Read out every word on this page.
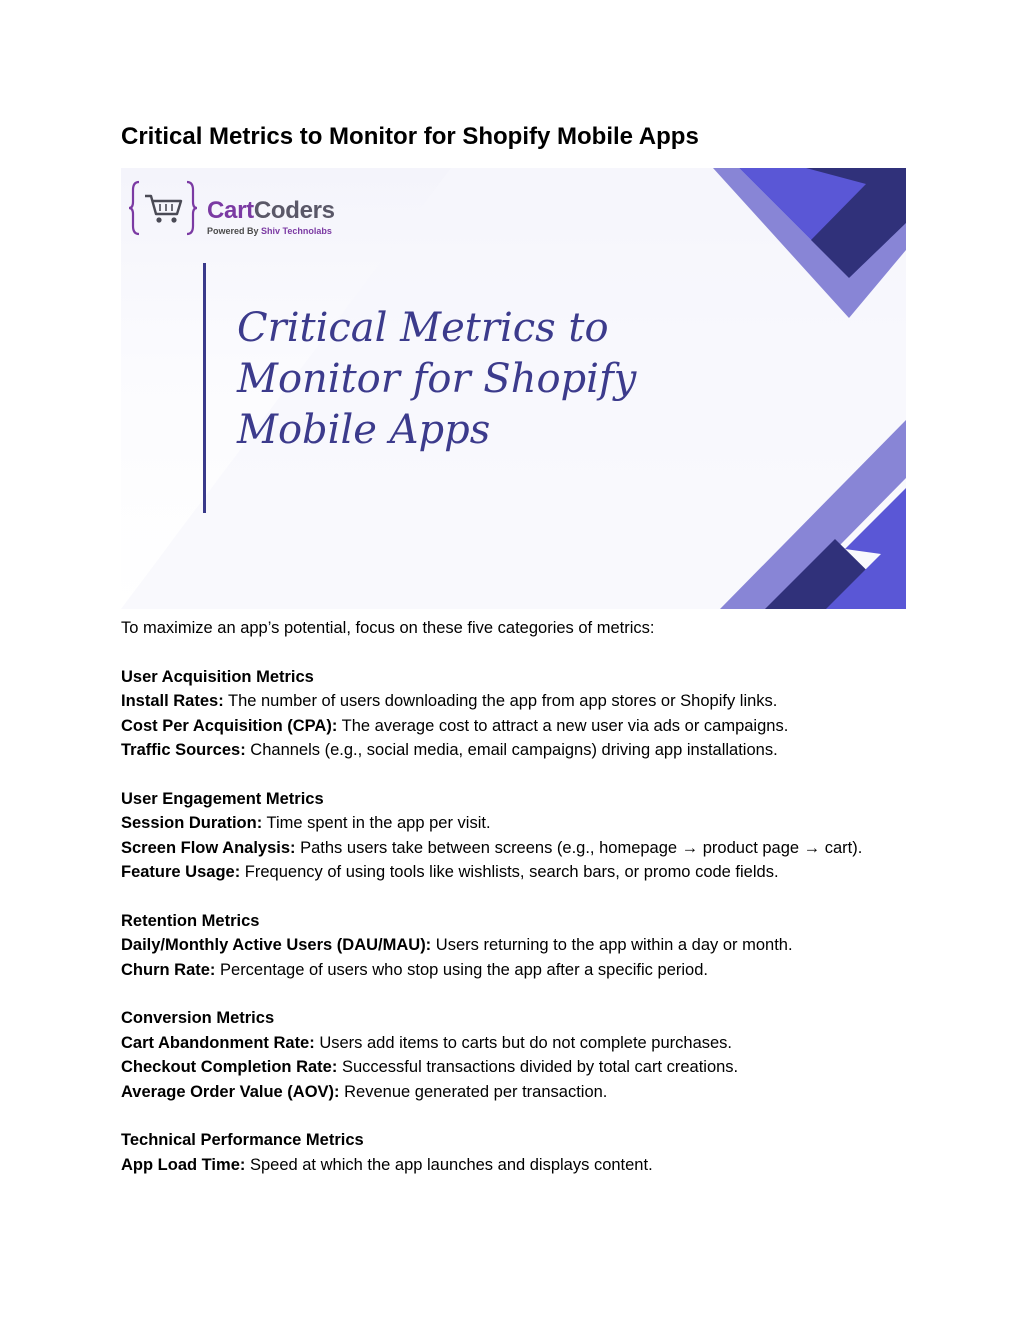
Critical Metrics to Monitor for Shopify Mobile Apps
CartCoders
Powered By Shiv Technolabs
Critical Metrics to Monitor for Shopify Mobile Apps

To maximize an app’s potential, focus on these five categories of metrics:

User Acquisition Metrics

Install Rates: The number of users downloading the app from app stores or Shopify links.

Cost Per Acquisition (CPA): The average cost to attract a new user via ads or campaigns.

Traffic Sources: Channels (e.g., social media, email campaigns) driving app installations.

User Engagement Metrics

Session Duration: Time spent in the app per visit.

Screen Flow Analysis: Paths users take between screens (e.g., homepage → product page → cart).

Feature Usage: Frequency of using tools like wishlists, search bars, or promo code fields.

Retention Metrics

Daily/Monthly Active Users (DAU/MAU): Users returning to the app within a day or month.

Churn Rate: Percentage of users who stop using the app after a specific period.

Conversion Metrics

Cart Abandonment Rate: Users add items to carts but do not complete purchases.

Checkout Completion Rate: Successful transactions divided by total cart creations.

Average Order Value (AOV): Revenue generated per transaction.

Technical Performance Metrics

App Load Time: Speed at which the app launches and displays content.
